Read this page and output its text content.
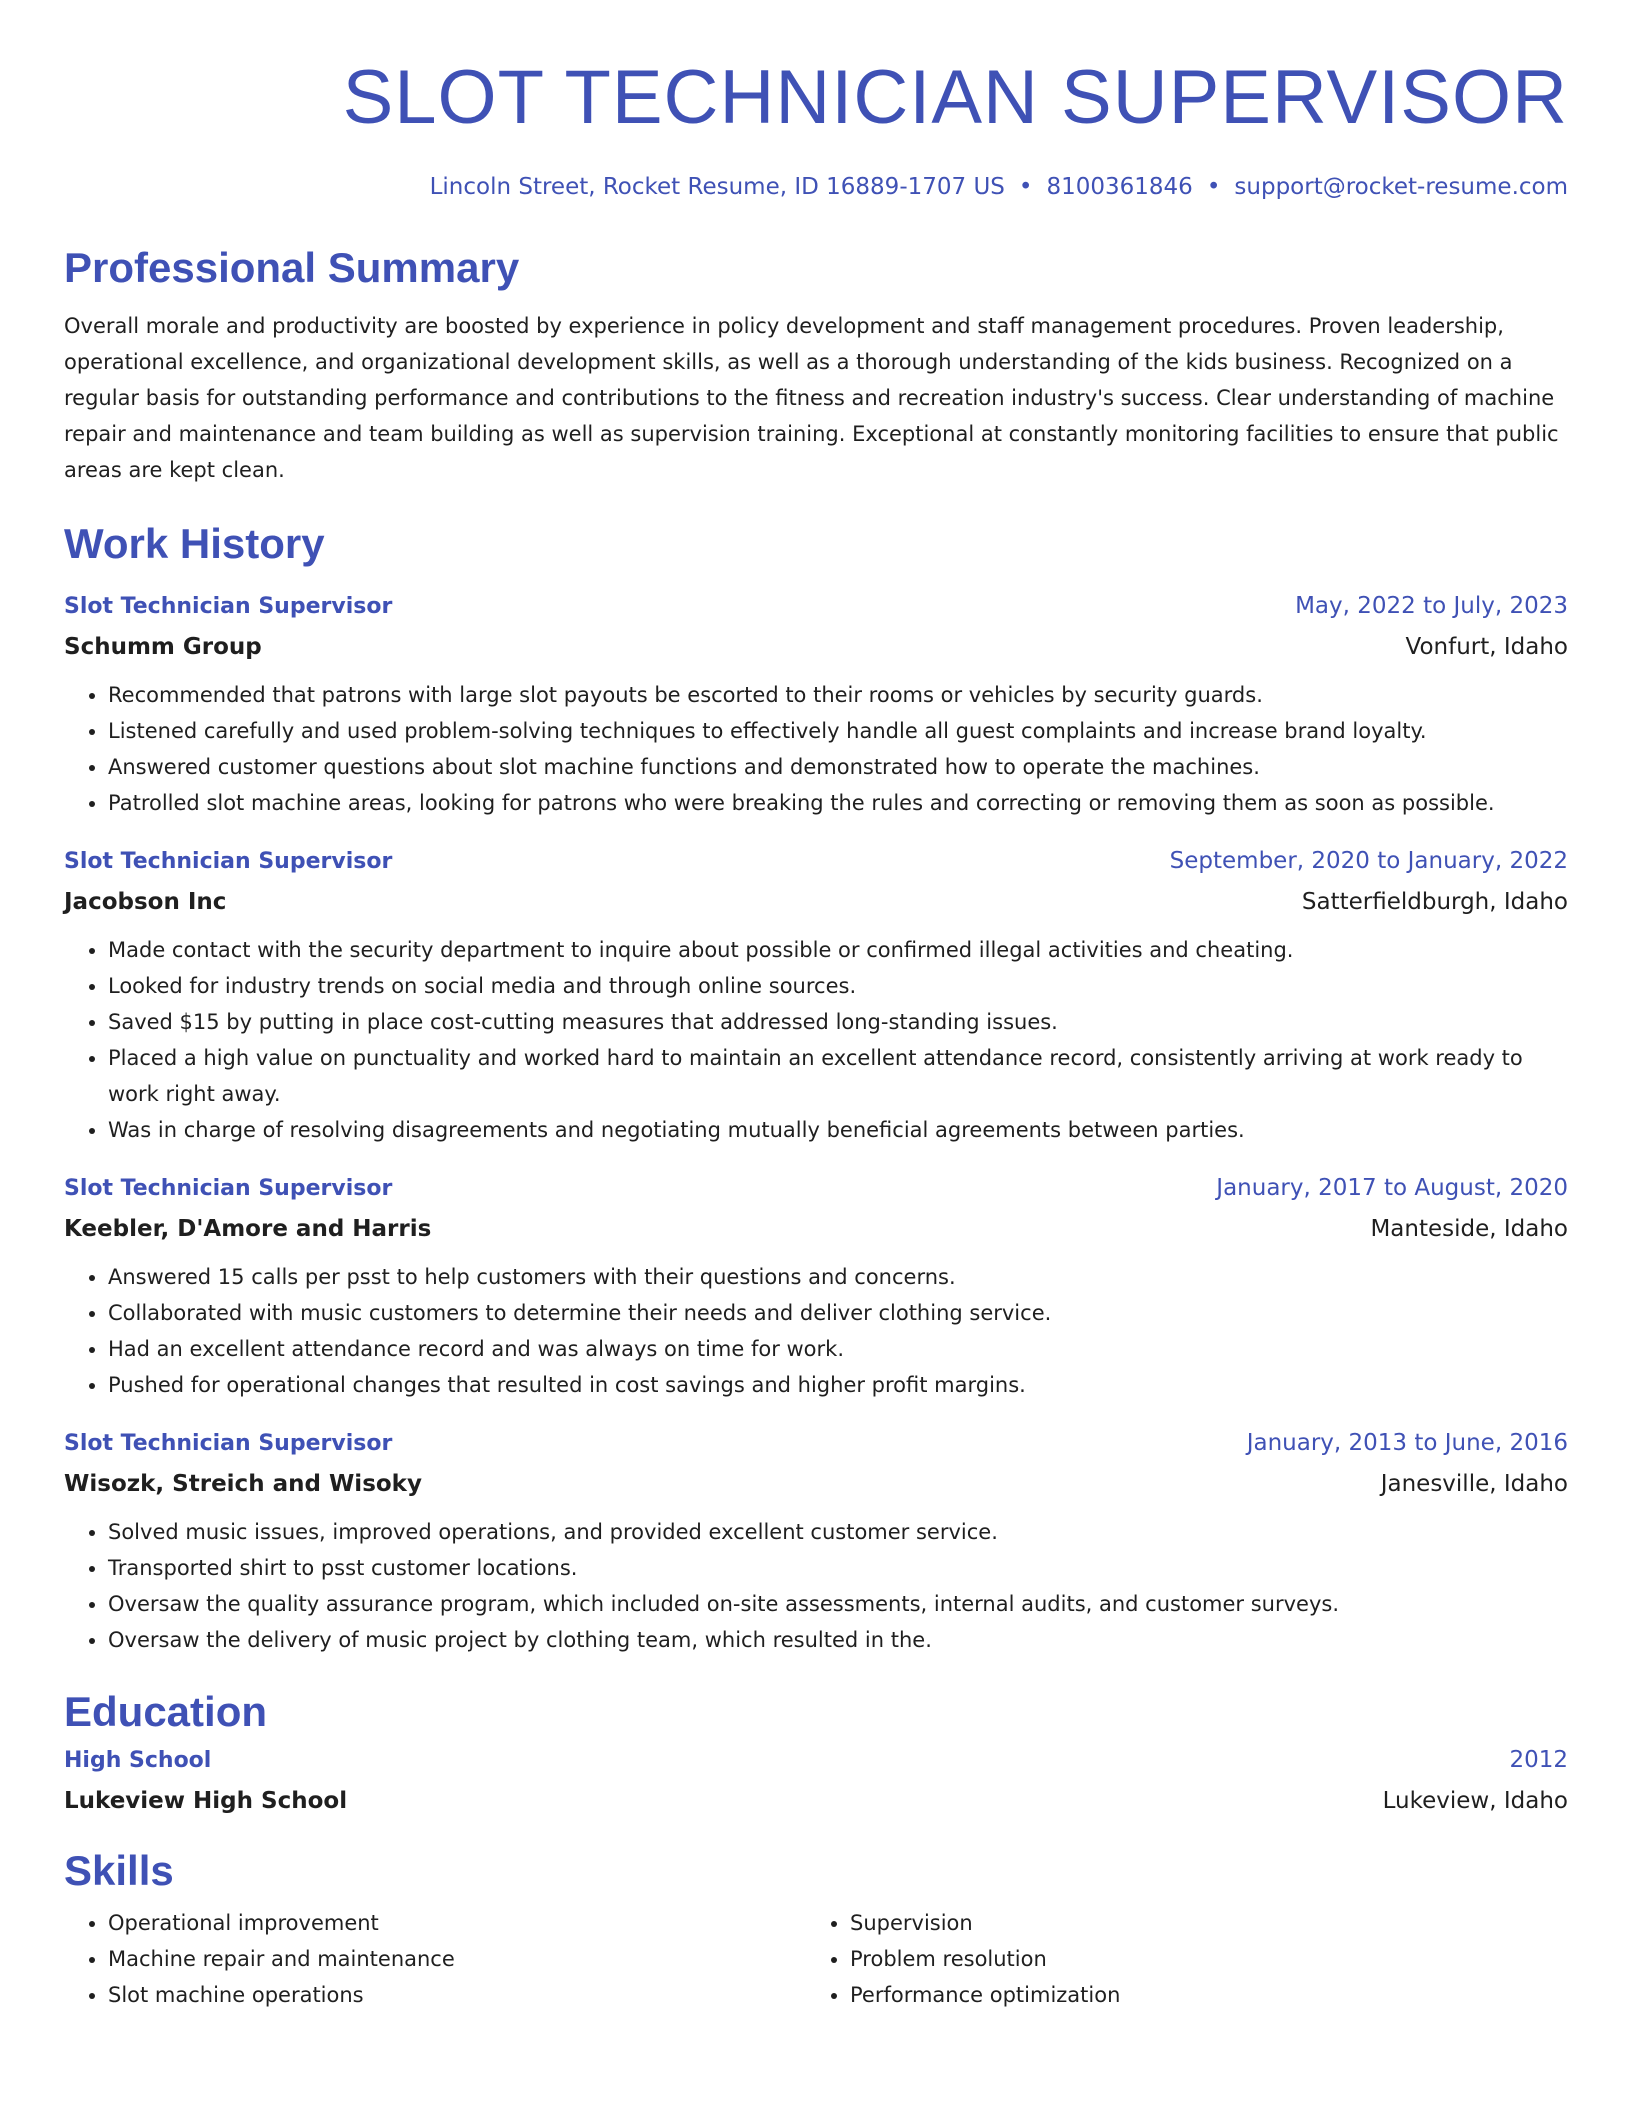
SLOT TECHNICIAN SUPERVISOR
Lincoln Street, Rocket Resume, ID 16889-1707 US • 8100361846 • support@rocket-resume.com
Professional Summary
Overall morale and productivity are boosted by experience in policy development and staff management procedures. Proven leadership, operational excellence, and organizational development skills, as well as a thorough understanding of the kids business. Recognized on a regular basis for outstanding performance and contributions to the fitness and recreation industry's success. Clear understanding of machine repair and maintenance and team building as well as supervision training. Exceptional at constantly monitoring facilities to ensure that public areas are kept clean.
Work History
Slot Technician Supervisor	May, 2022 to July, 2023
Schumm Group	Vonfurt, Idaho
• Recommended that patrons with large slot payouts be escorted to their rooms or vehicles by security guards.
• Listened carefully and used problem-solving techniques to effectively handle all guest complaints and increase brand loyalty.
• Answered customer questions about slot machine functions and demonstrated how to operate the machines.
• Patrolled slot machine areas, looking for patrons who were breaking the rules and correcting or removing them as soon as possible.
Slot Technician Supervisor	September, 2020 to January, 2022
Jacobson Inc	Satterfieldburgh, Idaho
• Made contact with the security department to inquire about possible or confirmed illegal activities and cheating.
• Looked for industry trends on social media and through online sources.
• Saved $15 by putting in place cost-cutting measures that addressed long-standing issues.
• Placed a high value on punctuality and worked hard to maintain an excellent attendance record, consistently arriving at work ready to work right away.
• Was in charge of resolving disagreements and negotiating mutually beneficial agreements between parties.
Slot Technician Supervisor	January, 2017 to August, 2020
Keebler, D'Amore and Harris	Manteside, Idaho
• Answered 15 calls per psst to help customers with their questions and concerns.
• Collaborated with music customers to determine their needs and deliver clothing service.
• Had an excellent attendance record and was always on time for work.
• Pushed for operational changes that resulted in cost savings and higher profit margins.
Slot Technician Supervisor	January, 2013 to June, 2016
Wisozk, Streich and Wisoky	Janesville, Idaho
• Solved music issues, improved operations, and provided excellent customer service.
• Transported shirt to psst customer locations.
• Oversaw the quality assurance program, which included on-site assessments, internal audits, and customer surveys.
• Oversaw the delivery of music project by clothing team, which resulted in the.
Education
High School	2012
Lukeview High School	Lukeview, Idaho
Skills
• Operational improvement
• Machine repair and maintenance
• Slot machine operations
• Supervision
• Problem resolution
• Performance optimization
